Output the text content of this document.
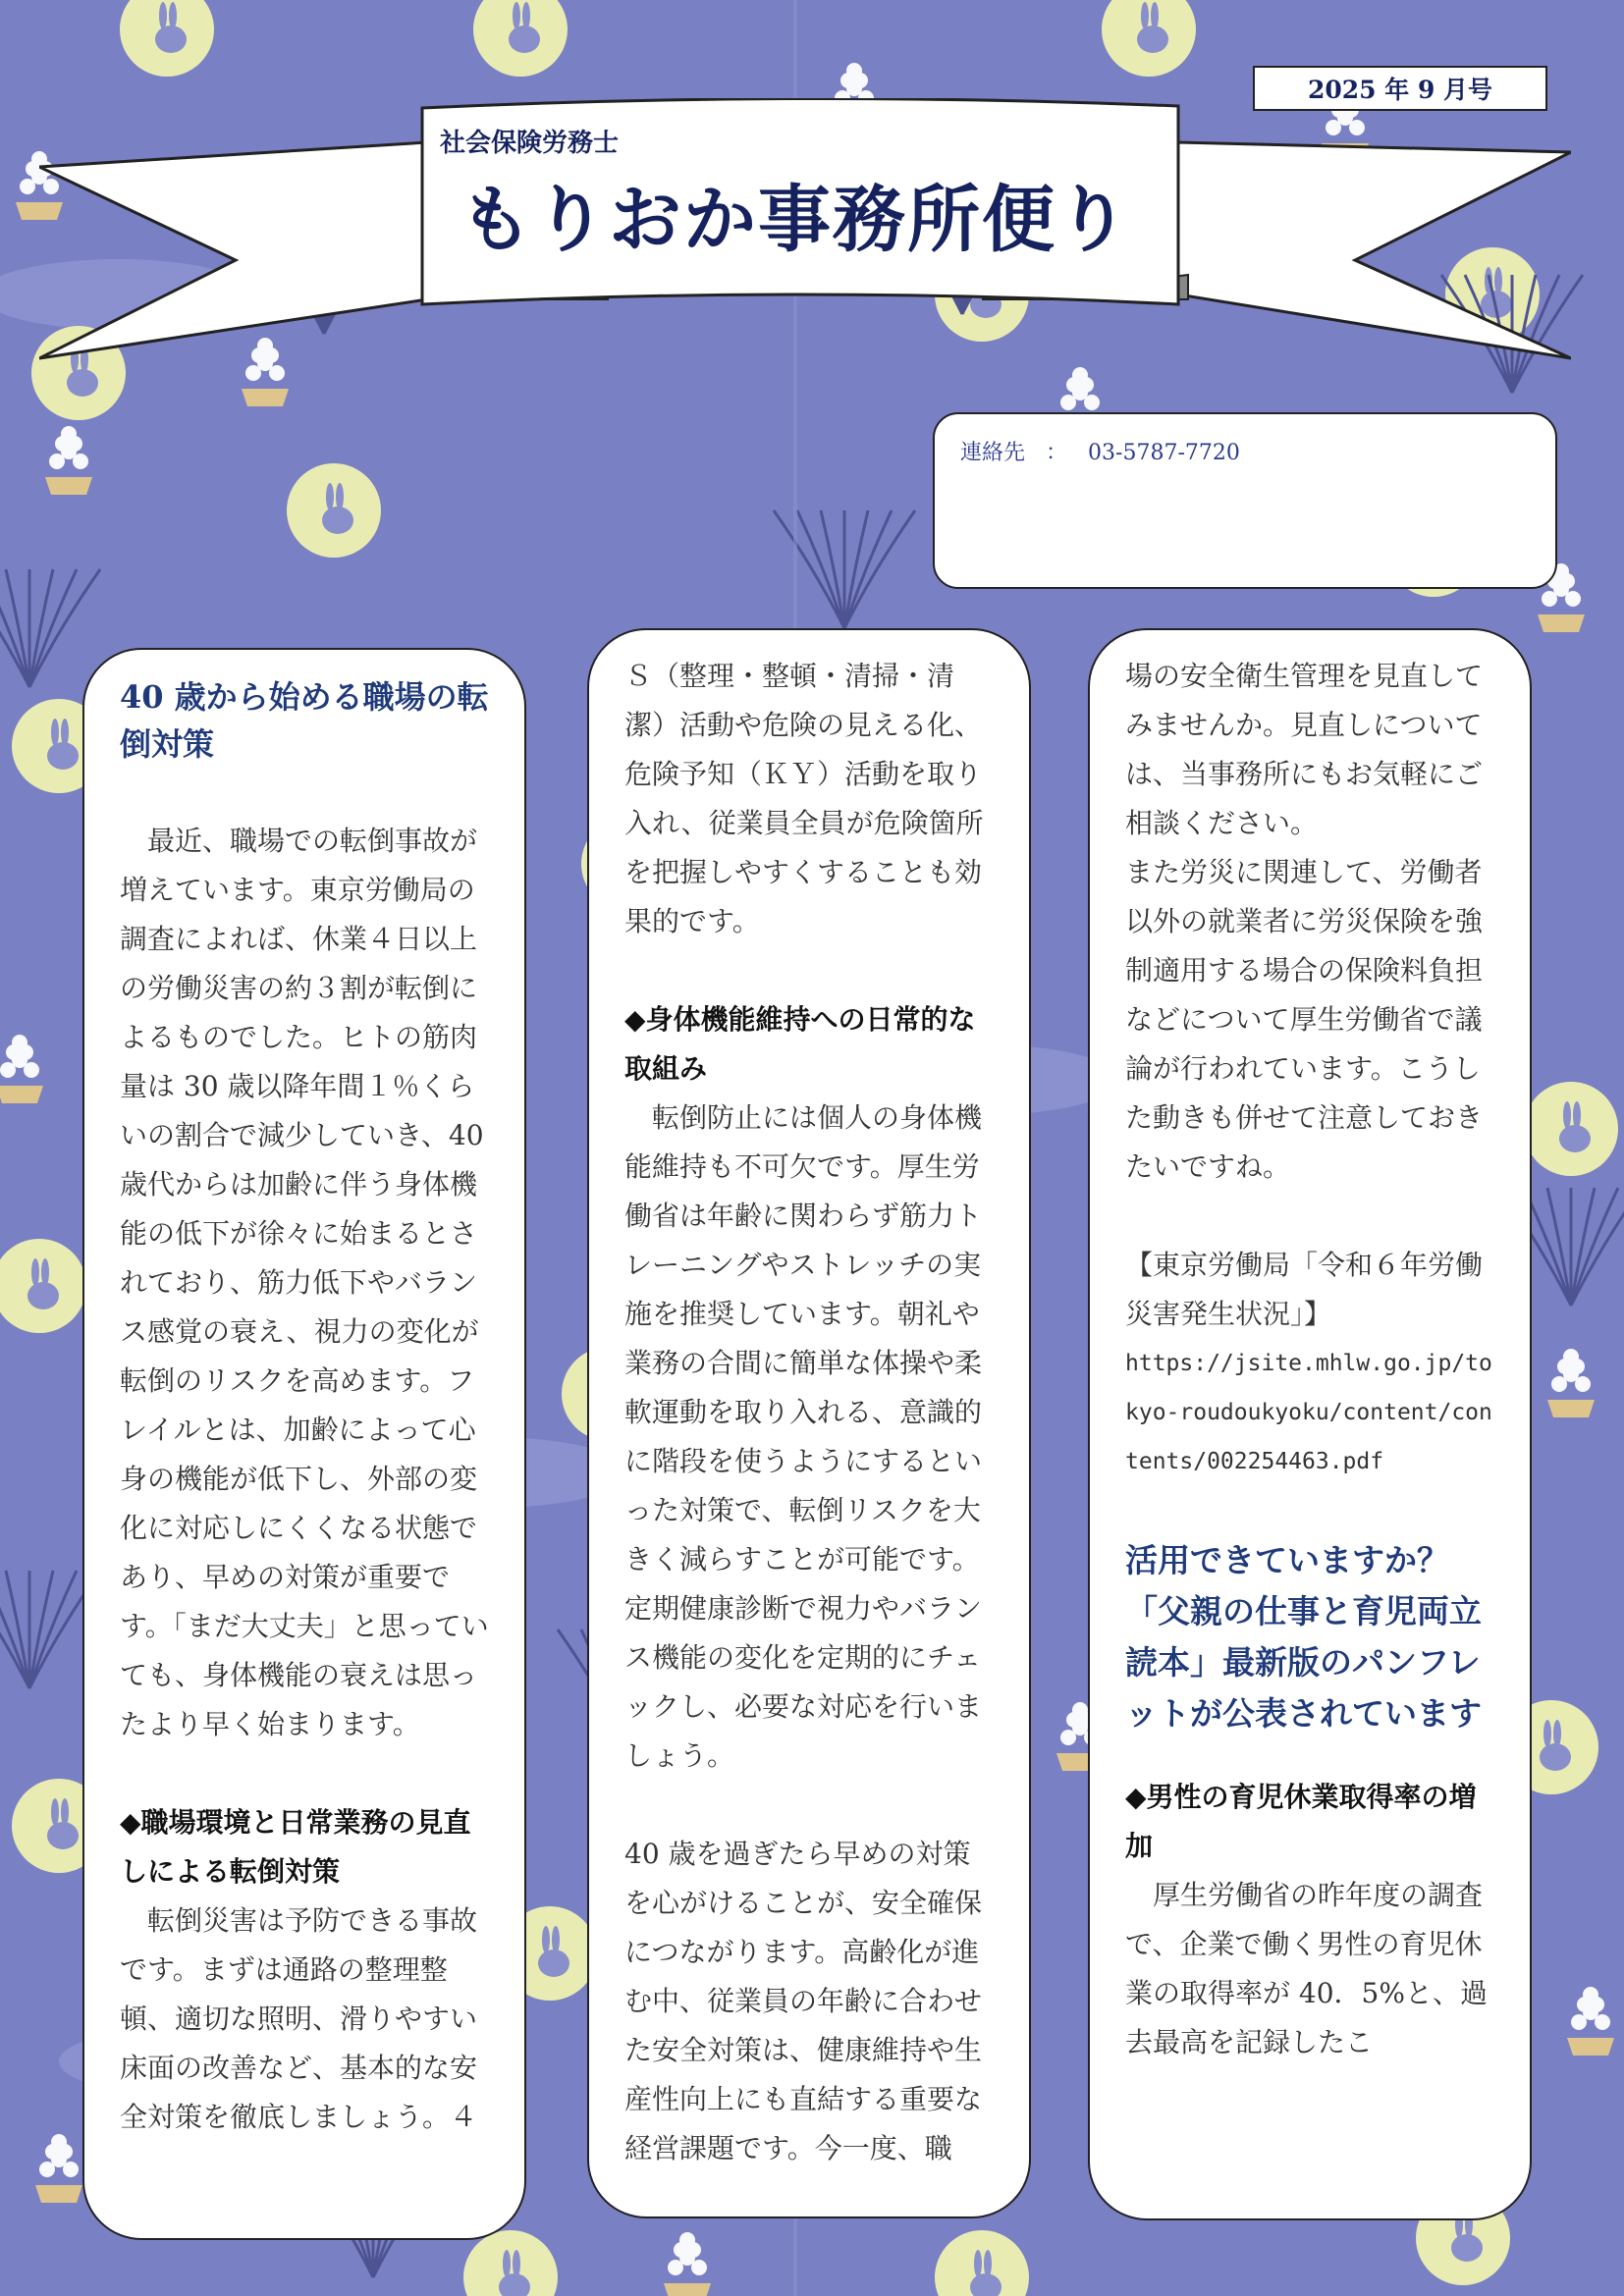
2025 年 9 月号
社会保険労務士
もりおか事務所便り
連絡先 ： 03-5787-7720
40 歳から始める職場の転倒対策

最近、職場での転倒事故が増えています。東京労働局の調査によれば、休業４日以上の労働災害の約３割が転倒によるものでした。ヒトの筋肉量は 30 歳以降年間１％くらいの割合で減少していき、40 歳代からは加齢に伴う身体機能の低下が徐々に始まるとされており、筋力低下やバランス感覚の衰え、視力の変化が転倒のリスクを高めます。フレイルとは、加齢によって心身の機能が低下し、外部の変化に対応しにくくなる状態であり、早めの対策が重要です。「まだ大丈夫」と思っていても、身体機能の衰えは思ったより早く始まります。

◆職場環境と日常業務の見直しによる転倒対策

転倒災害は予防できる事故です。まずは通路の整理整頓、適切な照明、滑りやすい床面の改善など、基本的な安全対策を徹底しましょう。４

Ｓ（整理・整頓・清掃・清潔）活動や危険の見える化、危険予知（ＫＹ）活動を取り入れ、従業員全員が危険箇所を把握しやすくすることも効果的です。

◆身体機能維持への日常的な取組み

転倒防止には個人の身体機能維持も不可欠です。厚生労働省は年齢に関わらず筋力トレーニングやストレッチの実施を推奨しています。朝礼や業務の合間に簡単な体操や柔軟運動を取り入れる、意識的に階段を使うようにするといった対策で、転倒リスクを大きく減らすことが可能です。定期健康診断で視力やバランス機能の変化を定期的にチェックし、必要な対応を行いましょう。

40 歳を過ぎたら早めの対策を心がけることが、安全確保につながります。高齢化が進む中、従業員の年齢に合わせた安全対策は、健康維持や生産性向上にも直結する重要な経営課題です。今一度、職

場の安全衛生管理を見直してみませんか。見直しについては、当事務所にもお気軽にご相談ください。

また労災に関連して、労働者以外の就業者に労災保険を強制適用する場合の保険料負担などについて厚生労働省で議論が行われています。こうした動きも併せて注意しておきたいですね。

【東京労働局「令和６年労働災害発生状況」】

https://jsite.mhlw.go.jp/tokyo-roudoukyoku/content/contents/002254463.pdf

活用できていますか？「父親の仕事と育児両立読本」最新版のパンフレットが公表されています
◆男性の育児休業取得率の増加

厚生労働省の昨年度の調査で、企業で働く男性の育児休業の取得率が 40．5%と、過去最高を記録したこ
